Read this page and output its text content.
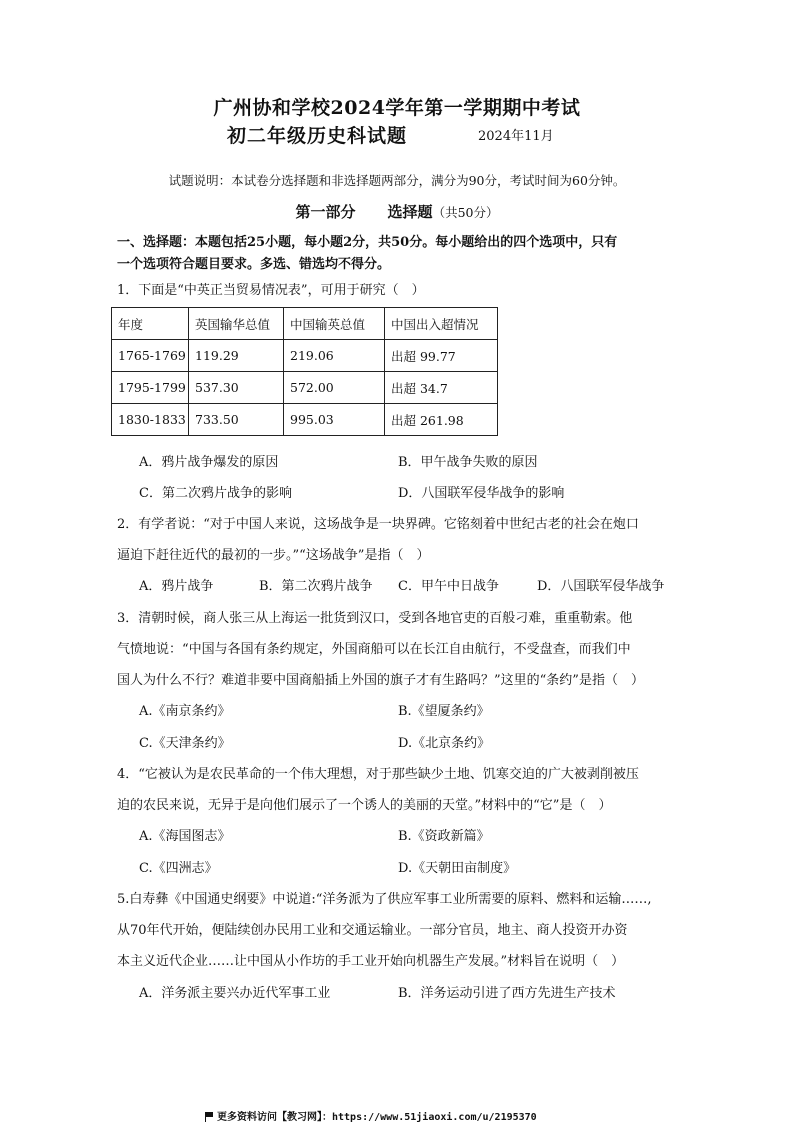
广州协和学校2024学年第一学期期中考试
初二年级历史科试题	2024年11月
试题说明：本试卷分选择题和非选择题两部分，满分为90分，考试时间为60分钟。
第一部分 选择题（共50分）
一、选择题：本题包括25小题，每小题2分，共50分。每小题给出的四个选项中，只有
一个选项符合题目要求。多选、错选均不得分。
1．下面是“中英正当贸易情况表”，可用于研究（　）
年度	英国输华总值	中国输英总值	中国出入超情况
1765-1769	119.29	219.06	出超 99.77
1795-1799	537.30	572.00	出超 34.7
1830-1833	733.50	995.03	出超 261.98
A．鸦片战争爆发的原因	B．甲午战争失败的原因
C．第二次鸦片战争的影响	D．八国联军侵华战争的影响
2．有学者说：“对于中国人来说，这场战争是一块界碑。它铭刻着中世纪古老的社会在炮口
逼迫下赶往近代的最初的一步。”“这场战争”是指（　）
A．鸦片战争	B．第二次鸦片战争 C．甲午中日战争	D．八国联军侵华战争
3．清朝时候，商人张三从上海运一批货到汉口，受到各地官吏的百般刁难，重重勒索。他
气愤地说：“中国与各国有条约规定，外国商船可以在长江自由航行，不受盘查，而我们中
国人为什么不行？难道非要中国商船插上外国的旗子才有生路吗？”这里的“条约”是指（　）
A.《南京条约》	B.《望厦条约》
C.《天津条约》	D.《北京条约》
4．“它被认为是农民革命的一个伟大理想，对于那些缺少土地、饥寒交迫的广大被剥削被压
迫的农民来说，无异于是向他们展示了一个诱人的美丽的天堂。”材料中的“它”是（　）
A.《海国图志》	B.《资政新篇》
C.《四洲志》	D.《天朝田亩制度》
5.白寿彝《中国通史纲要》中说道:“洋务派为了供应军事工业所需要的原料、燃料和运输……,
从70年代开始，便陆续创办民用工业和交通运输业。一部分官员，地主、商人投资开办资
本主义近代企业……让中国从小作坊的手工业开始向机器生产发展。”材料旨在说明（　）
A．洋务派主要兴办近代军事工业	B．洋务运动引进了西方先进生产技术
更多资料访问【教习网】：https://www.51jiaoxi.com/u/2195370
